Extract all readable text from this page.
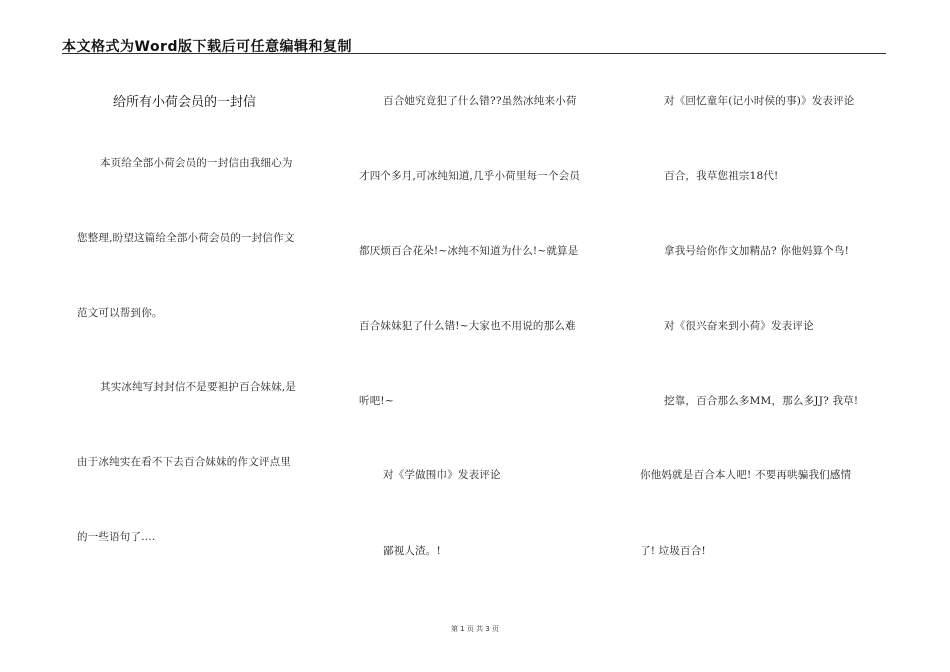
本文格式为Word版下载后可任意编辑和复制
给所有小荷会员的一封信
本页给全部小荷会员的一封信由我细心为
您整理,盼望这篇给全部小荷会员的一封信作文
范文可以帮到你。
其实冰纯写封封信不是要袒护百合妹妹,是
由于冰纯实在看不下去百合妹妹的作文评点里
的一些语句了....
百合她究竟犯了什么错??虽然冰纯来小荷
才四个多月,可冰纯知道,几乎小荷里每一个会员
都厌烦百合花朵!~冰纯不知道为什么!~就算是
百合妹妹犯了什么错!~大家也不用说的那么难
听吧!~
对《学做围巾》发表评论
鄙视人渣。!
对《回忆童年(记小时侯的事)》发表评论
百合，我草您祖宗18代!
拿我号给你作文加精品? 你他妈算个鸟!
对《很兴奋来到小荷》发表评论
挖靠，百合那么多MM，那么多JJ? 我草!
你他妈就是百合本人吧! 不要再哄骗我们感情
了! 垃圾百合!
第 1 页 共 3 页
